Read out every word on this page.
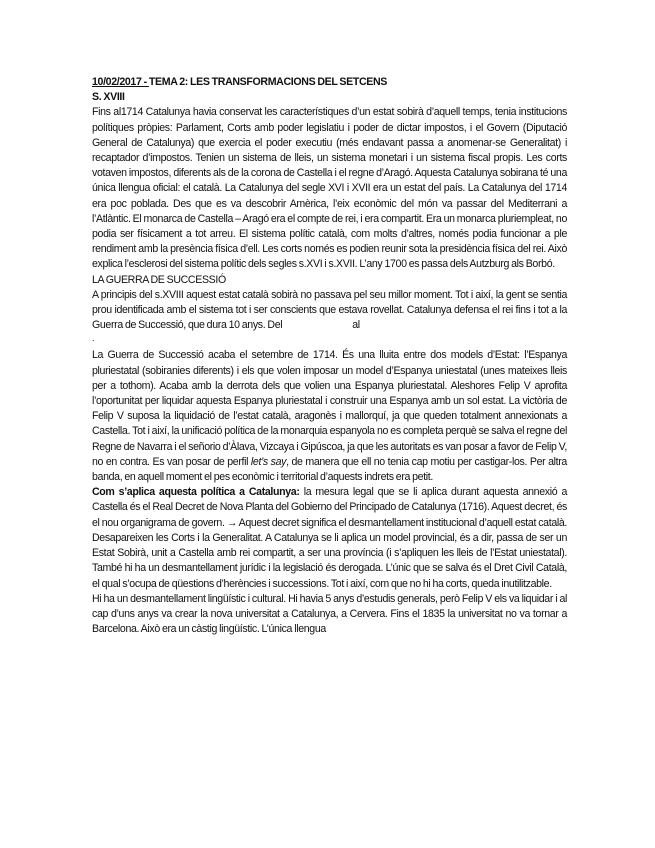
10/02/2017 - TEMA 2: LES TRANSFORMACIONS DEL SETCENS
S. XVIII

Fins al1714 Catalunya havia conservat les característiques d’un estat sobirà d’aquell temps, tenia institucions polítiques pròpies: Parlament, Corts amb poder legislatiu i poder de dictar impostos, i el Govern (Diputació General de Catalunya) que exercia el poder executiu (més endavant passa a anomenar-se Generalitat) i recaptador d’impostos. Tenien un sistema de lleis, un sistema monetari i un sistema fiscal propis. Les corts votaven impostos, diferents als de la corona de Castella i el regne d’Aragó. Aquesta Catalunya sobirana té una única llengua oficial: el català. La Catalunya del segle XVI i XVII era un estat del país. La Catalunya del 1714 era poc poblada. Des que es va descobrir Amèrica, l’eix econòmic del món va passar del Mediterrani a l’Atlàntic. El monarca de Castella – Aragó era el compte de rei, i era compartit. Era un monarca pluriempleat, no podia ser físicament a tot arreu. El sistema polític català, com molts d’altres, només podia funcionar a ple rendiment amb la presència física d’ell. Les corts només es podien reunir sota la presidència física del rei. Això explica l’esclerosi del sistema polític dels segles s.XVI i s.XVII. L’any 1700 es passa dels Autzburg als Borbó.

LA GUERRA DE SUCCESSIÓ

A principis del s.XVIII aquest estat català sobirà no passava pel seu millor moment. Tot i així, la gent se sentia prou identificada amb el sistema tot i ser conscients que estava rovellat. Catalunya defensa el rei fins i tot a la Guerra de Successió, que dura 10 anys. Del	al

.

La Guerra de Successió acaba el setembre de 1714. És una lluita entre dos models d’Estat: l’Espanya pluriestatal (sobiranies diferents) i els que volen imposar un model d’Espanya uniestatal (unes mateixes lleis per a tothom). Acaba amb la derrota dels que volien una Espanya pluriestatal. Aleshores Felip V aprofita l’oportunitat per liquidar aquesta Espanya pluriestatal i construir una Espanya amb un sol estat. La victòria de Felip V suposa la liquidació de l’estat català, aragonès i mallorquí, ja que queden totalment annexionats a Castella. Tot i així, la unificació política de la monarquia espanyola no es completa perquè se salva el regne del Regne de Navarra i el señorio d’Àlava, Vizcaya i Gipúscoa, ja que les autoritats es van posar a favor de Felip V, no en contra. Es van posar de perfil let’s say, de manera que ell no tenia cap motiu per castigar-los. Per altra banda, en aquell moment el pes econòmic i territorial d’aquests indrets era petit.

Com s’aplica aquesta política a Catalunya: la mesura legal que se li aplica durant aquesta annexió a Castella és el Real Decret de Nova Planta del Gobierno del Principado de Catalunya (1716). Aquest decret, és el nou organigrama de govern. → Aquest decret significa el desmantellament institucional d’aquell estat català. Desapareixen les Corts i la Generalitat. A Catalunya se li aplica un model provincial, és a dir, passa de ser un Estat Sobirà, unit a Castella amb rei compartit, a ser una província (i s’apliquen les lleis de l’Estat uniestatal). També hi ha un desmantellament jurídic i la legislació és derogada. L’únic que se salva és el Dret Civil Català, el qual s’ocupa de qüestions d’herències i successions. Tot i així, com que no hi ha corts, queda inutilitzable.

Hi ha un desmantellament lingüístic i cultural. Hi havia 5 anys d’estudis generals, però Felip V els va liquidar i al cap d’uns anys va crear la nova universitat a Catalunya, a Cervera. Fins el 1835 la universitat no va tornar a Barcelona. Això era un càstig lingüístic. L’única llengua
